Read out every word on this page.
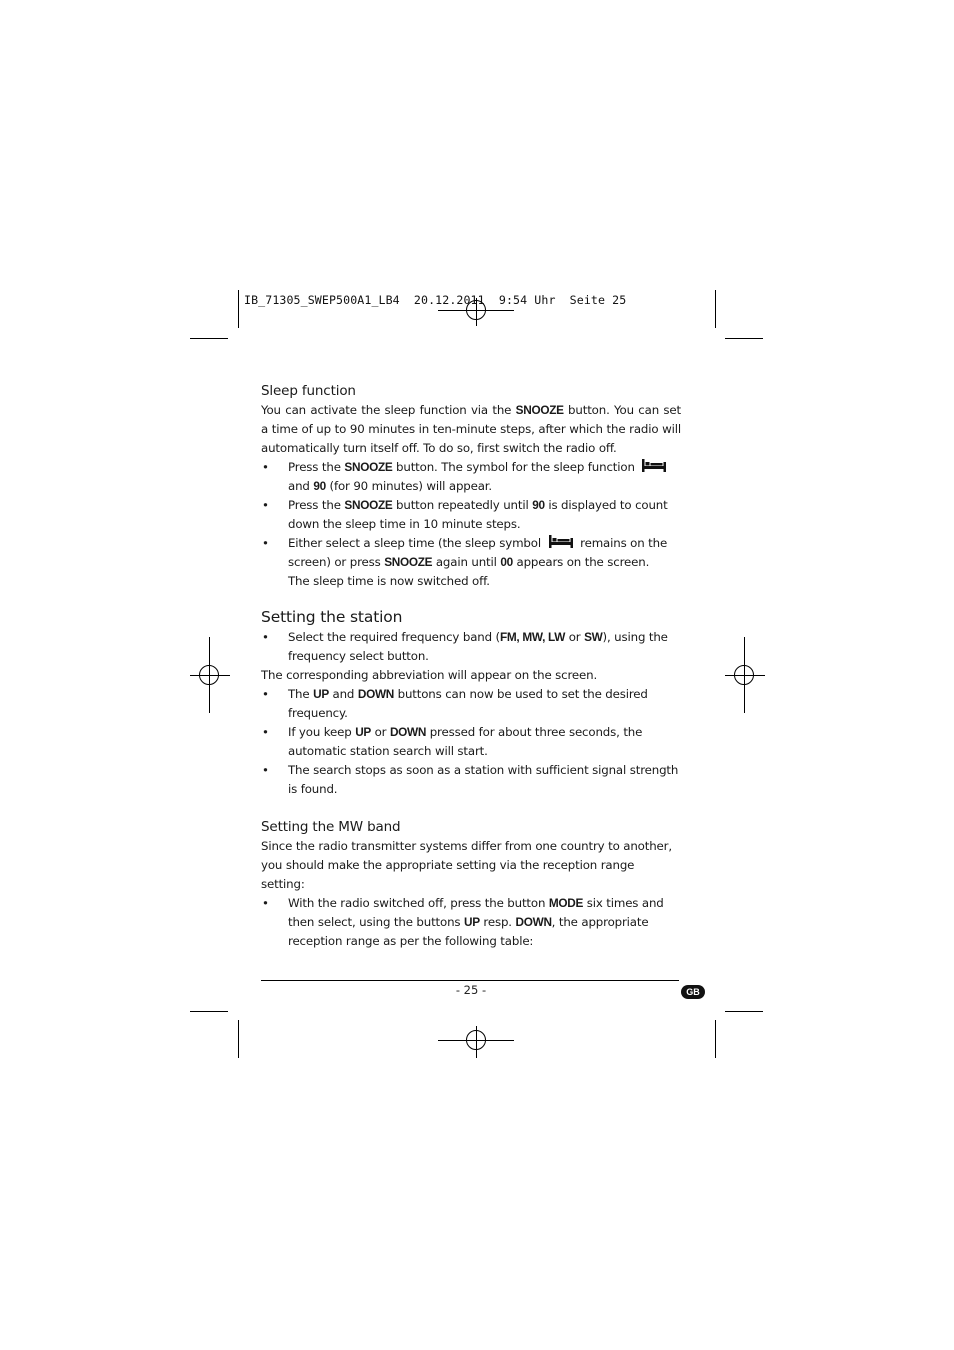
IB_71305_SWEP500A1_LB4  20.12.2011  9:54 Uhr  Seite 25
Sleep function

You can activate the sleep function via the SNOOZE button. You can set a time of up to 90 minutes in ten-minute steps, after which the radio will automatically turn itself off. To do so, first switch the radio off.

• Press the SNOOZE button. The symbol for the sleep function
and 90 (for 90 minutes) will appear.
• Press the SNOOZE button repeatedly until 90 is displayed to count down the sleep time in 10 minute steps.
• Either select a sleep time (the sleep symbol	remains on the screen) or press SNOOZE again until 00 appears on the screen.
The sleep time is now switched off.
Setting the station
• Select the required frequency band (FM, MW, LW or SW), using the frequency select button.

The corresponding abbreviation will appear on the screen.

• The UP and DOWN buttons can now be used to set the desired frequency.
• If you keep UP or DOWN pressed for about three seconds, the automatic station search will start.
• The search stops as soon as a station with sufficient signal strength is found.
Setting the MW band

Since the radio transmitter systems differ from one country to another,

you should make the appropriate setting via the reception range setting:

• With the radio switched off, press the button MODE six times and then select, using the buttons UP resp. DOWN, the appropriate reception range as per the following table:
- 25 -	GB
